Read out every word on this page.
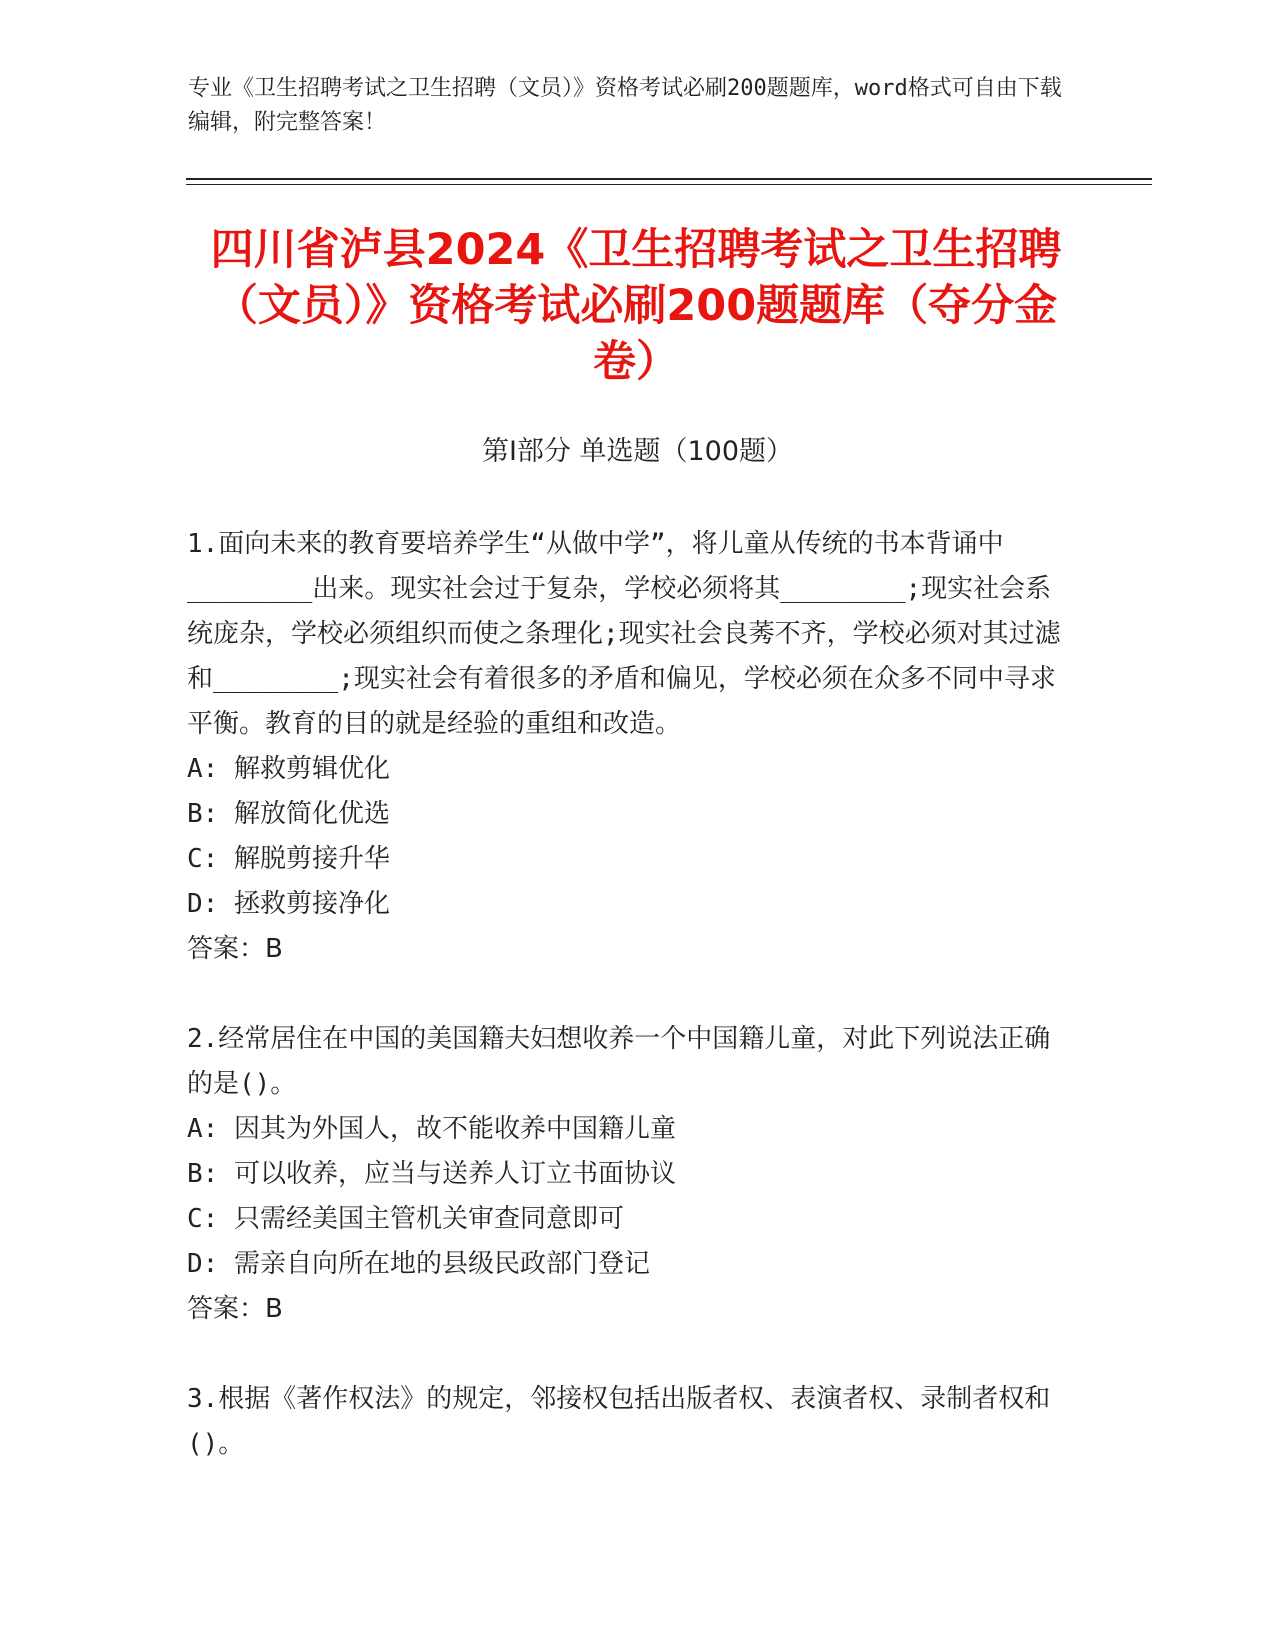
专业《卫生招聘考试之卫生招聘（文员）》资格考试必刷200题题库，word格式可自由下载编辑，附完整答案！
四川省泸县2024《卫生招聘考试之卫生招聘（文员）》资格考试必刷200题题库（夺分金卷）
第Ⅰ部分 单选题（100题）
1.面向未来的教育要培养学生“从做中学”，将儿童从传统的书本背诵中________出来。现实社会过于复杂，学校必须将其________;现实社会系统庞杂，学校必须组织而使之条理化;现实社会良莠不齐，学校必须对其过滤和________;现实社会有着很多的矛盾和偏见，学校必须在众多不同中寻求平衡。教育的目的就是经验的重组和改造。
A: 解救剪辑优化
B: 解放简化优选
C: 解脱剪接升华
D: 拯救剪接净化
答案：B
2.经常居住在中国的美国籍夫妇想收养一个中国籍儿童，对此下列说法正确的是()。
A: 因其为外国人，故不能收养中国籍儿童
B: 可以收养，应当与送养人订立书面协议
C: 只需经美国主管机关审查同意即可
D: 需亲自向所在地的县级民政部门登记
答案：B
3.根据《著作权法》的规定，邻接权包括出版者权、表演者权、录制者权和()。
